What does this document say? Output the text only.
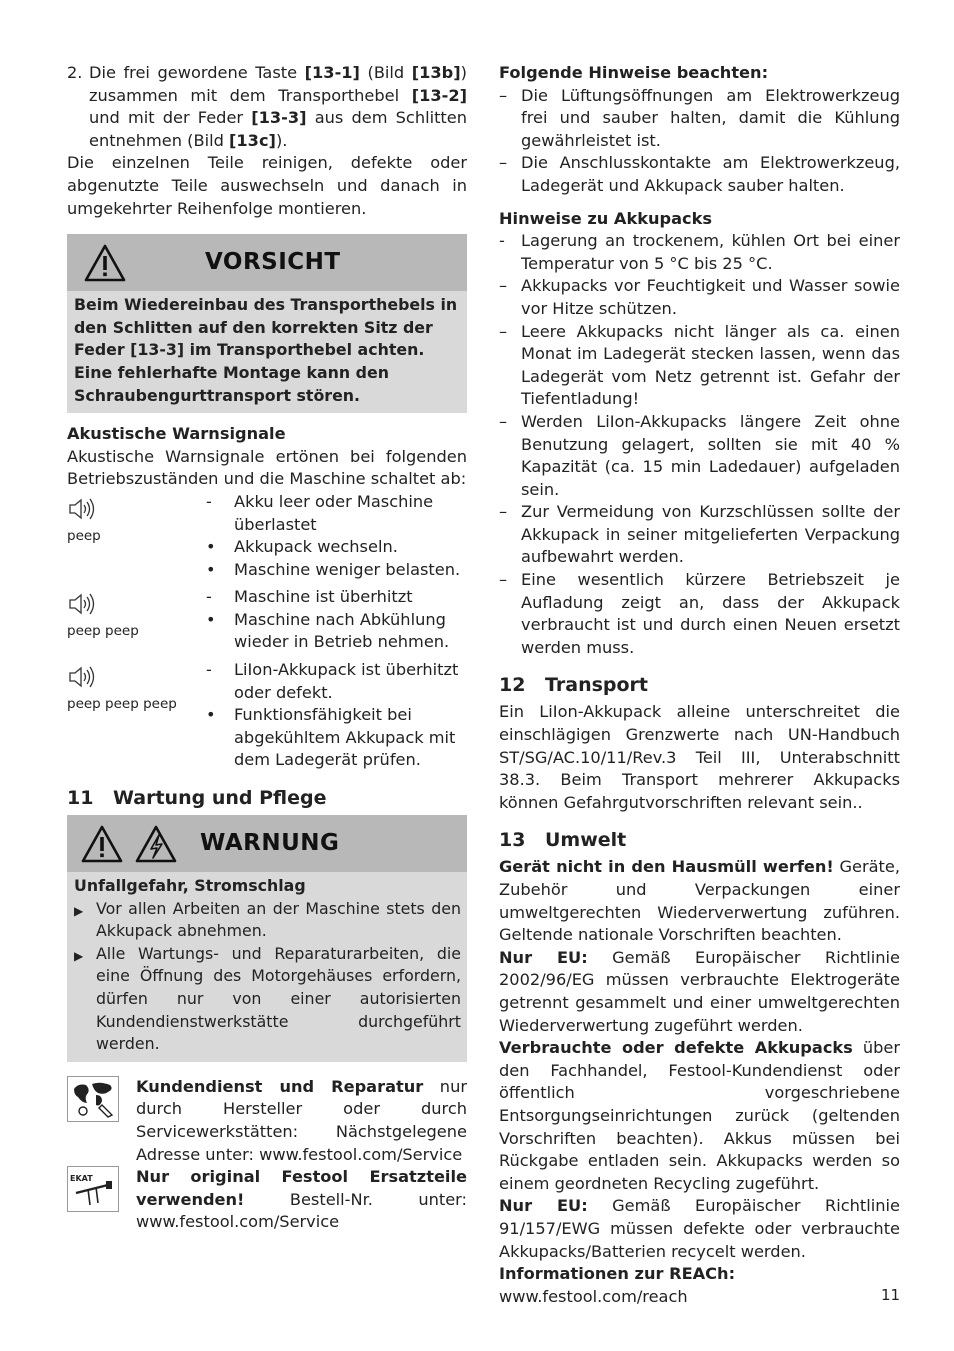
2. Die frei gewordene Taste [13-1] (Bild [13b]) zusammen mit dem Transporthebel [13-2] und mit der Feder [13-3] aus dem Schlitten entnehmen (Bild [13c]).

Die einzelnen Teile reinigen, defekte oder abgenutzte Teile auswechseln und danach in umgekehrter Reihenfolge montieren.

VORSICHT
Beim Wiedereinbau des Transporthebels in den Schlitten auf den korrekten Sitz der Feder [13-3] im Transporthebel achten. Eine fehlerhafte Montage kann den Schraubengurttransport stören.

Akustische Warnsignale

Akustische Warnsignale ertönen bei folgenden Betriebszuständen und die Maschine schaltet ab:

peep
-	Akku leer oder Maschine überlastet
•	Akkupack wechseln.
•	Maschine weniger belasten.
peep peep
-	Maschine ist überhitzt
•	Maschine nach Abkühlung wieder in Betrieb nehmen.
peep peep peep
-	LiIon-Akkupack ist überhitzt oder defekt.
•	Funktionsfähigkeit bei abgekühltem Akkupack mit dem Ladegerät prüfen.
11	Wartung und Pflege
WARNUNG
Unfallgefahr, Stromschlag
▶ Vor allen Arbeiten an der Maschine stets den Akkupack abnehmen.
▶ Alle Wartungs- und Reparaturarbeiten, die eine Öffnung des Motorgehäuses erfordern, dürfen nur von einer autorisierten Kundendienstwerkstätte durchgeführt werden.
Kundendienst und Reparatur nur durch Hersteller oder durch Servicewerkstätten: Nächstgelegene Adresse unter: www.festool.com/Service
EKAT	Nur original Festool Ersatzteile verwenden! Bestell-Nr. unter: www.festool.com/Service

Folgende Hinweise beachten:

– Die Lüftungsöffnungen am Elektrowerkzeug frei und sauber halten, damit die Kühlung gewährleistet ist.
– Die Anschlusskontakte am Elektrowerkzeug, Ladegerät und Akkupack sauber halten.

Hinweise zu Akkupacks

- Lagerung an trockenem, kühlen Ort bei einer Temperatur von 5 °C bis 25 °C.
– Akkupacks vor Feuchtigkeit und Wasser sowie vor Hitze schützen.
– Leere Akkupacks nicht länger als ca. einen Monat im Ladegerät stecken lassen, wenn das Ladegerät vom Netz getrennt ist. Gefahr der Tiefentladung!
– Werden LiIon-Akkupacks längere Zeit ohne Benutzung gelagert, sollten sie mit 40 % Kapazität (ca. 15 min Ladedauer) aufgeladen sein.
– Zur Vermeidung von Kurzschlüssen sollte der Akkupack in seiner mitgelieferten Verpackung aufbewahrt werden.
– Eine wesentlich kürzere Betriebszeit je Aufladung zeigt an, dass der Akkupack verbraucht ist und durch einen Neuen ersetzt werden muss.
12	Transport

Ein LiIon-Akkupack alleine unterschreitet die einschlägigen Grenzwerte nach UN-Handbuch ST/SG/AC.10/11/Rev.3 Teil III, Unterabschnitt 38.3. Beim Transport mehrerer Akkupacks können Gefahrgutvorschriften relevant sein..

13	Umwelt

Gerät nicht in den Hausmüll werfen! Geräte, Zubehör und Verpackungen einer umweltgerechten Wiederverwertung zuführen. Geltende nationale Vorschriften beachten.

Nur EU: Gemäß Europäischer Richtlinie 2002/96/EG müssen verbrauchte Elektrogeräte getrennt gesammelt und einer umweltgerechten Wiederverwertung zugeführt werden.

Verbrauchte oder defekte Akkupacks über den Fachhandel, Festool-Kundendienst oder öffentlich vorgeschriebene Entsorgungseinrichtungen zurück (geltenden Vorschriften beachten). Akkus müssen bei Rückgabe entladen sein. Akkupacks werden so einem geordneten Recycling zugeführt.

Nur EU: Gemäß Europäischer Richtlinie 91/157/EWG müssen defekte oder verbrauchte Akkupacks/Batterien recycelt werden.

Informationen zur REACh:

www.festool.com/reach	11
